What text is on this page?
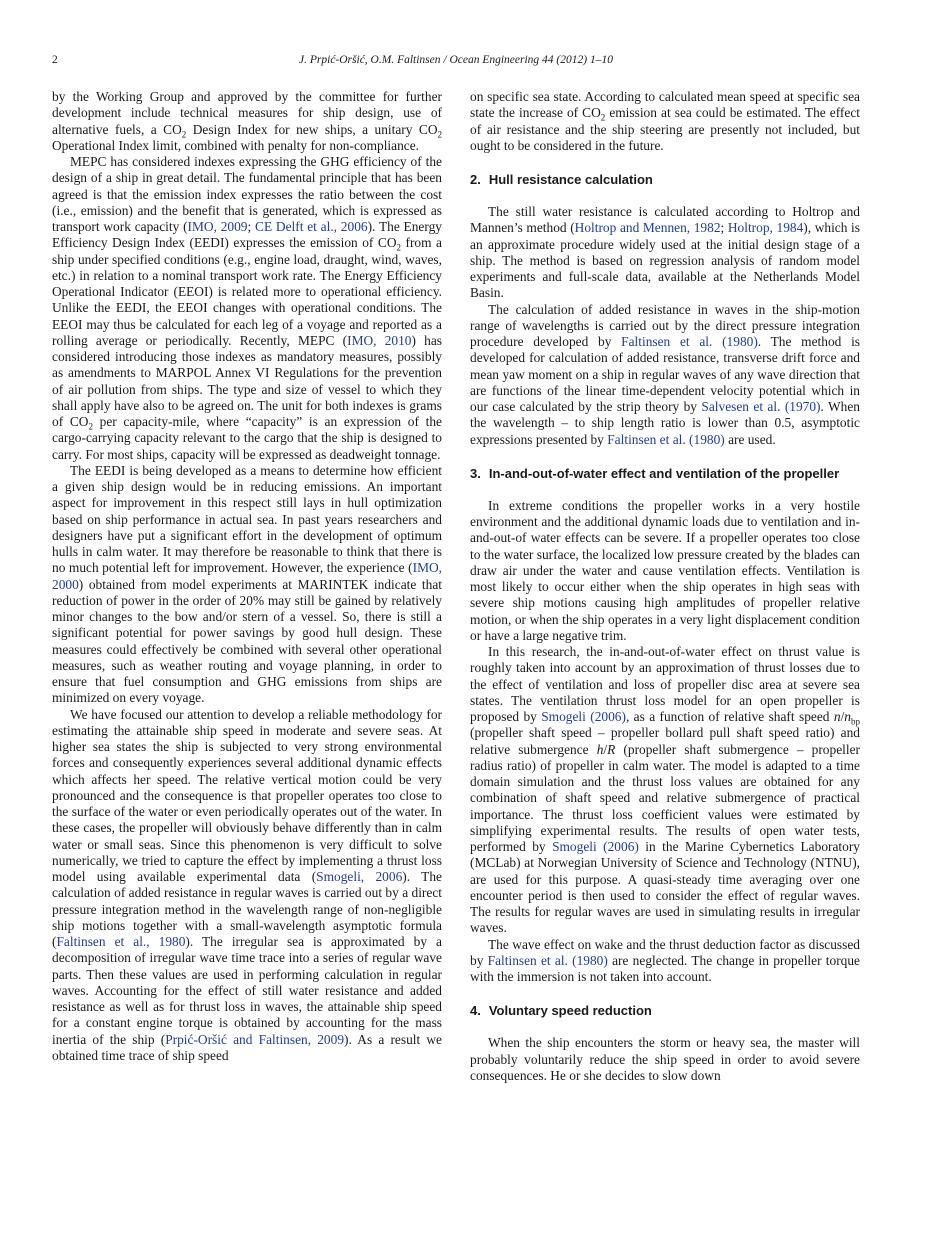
2	J. Prpić-Oršić, O.M. Faltinsen / Ocean Engineering 44 (2012) 1–10

by the Working Group and approved by the committee for further development include technical measures for ship design, use of alternative fuels, a $CO_2$ Design Index for new ships, a unitary $CO_2$ Operational Index limit, combined with penalty for non-compliance.

MEPC has considered indexes expressing the GHG efficiency of the design of a ship in great detail. The fundamental principle that has been agreed is that the emission index expresses the ratio between the cost (i.e., emission) and the benefit that is generated, which is expressed as transport work capacity (IMO, 2009; CE Delft et al., 2006). The Energy Efficiency Design Index (EEDI) expresses the emission of $CO_2$ from a ship under specified conditions (e.g., engine load, draught, wind, waves, etc.) in relation to a nominal transport work rate. The Energy Efficiency Operational Indicator (EEOI) is related more to operational efficiency. Unlike the EEDI, the EEOI changes with operational conditions. The EEOI may thus be calculated for each leg of a voyage and reported as a rolling average or periodically. Recently, MEPC (IMO, 2010) has considered introducing those indexes as mandatory measures, possibly as amendments to MARPOL Annex VI Regulations for the prevention of air pollution from ships. The type and size of vessel to which they shall apply have also to be agreed on. The unit for both indexes is grams of $CO_2$ per capacity-mile, where “capacity” is an expression of the cargo-carrying capacity relevant to the cargo that the ship is designed to carry. For most ships, capacity will be expressed as deadweight tonnage.

The EEDI is being developed as a means to determine how efficient a given ship design would be in reducing emissions. An important aspect for improvement in this respect still lays in hull optimization based on ship performance in actual sea. In past years researchers and designers have put a significant effort in the development of optimum hulls in calm water. It may therefore be reasonable to think that there is no much potential left for improvement. However, the experience (IMO, 2000) obtained from model experiments at MARINTEK indicate that reduction of power in the order of 20% may still be gained by relatively minor changes to the bow and/or stern of a vessel. So, there is still a significant potential for power savings by good hull design. These measures could effectively be combined with several other operational measures, such as weather routing and voyage planning, in order to ensure that fuel consumption and GHG emissions from ships are minimized on every voyage.

We have focused our attention to develop a reliable methodology for estimating the attainable ship speed in moderate and severe seas. At higher sea states the ship is subjected to very strong environmental forces and consequently experiences several additional dynamic effects which affects her speed. The relative vertical motion could be very pronounced and the consequence is that propeller operates too close to the surface of the water or even periodically operates out of the water. In these cases, the propeller will obviously behave differently than in calm water or small seas. Since this phenomenon is very difficult to solve numerically, we tried to capture the effect by implementing a thrust loss model using available experimental data (Smogeli, 2006). The calculation of added resistance in regular waves is carried out by a direct pressure integration method in the wavelength range of non-negligible ship motions together with a small-wavelength asymptotic formula (Faltinsen et al., 1980). The irregular sea is approximated by a decomposition of irregular wave time trace into a series of regular wave parts. Then these values are used in performing calculation in regular waves. Accounting for the effect of still water resistance and added resistance as well as for thrust loss in waves, the attainable ship speed for a constant engine torque is obtained by accounting for the mass inertia of the ship (Prpić-Oršić and Faltinsen, 2009). As a result we obtained time trace of ship speed

on specific sea state. According to calculated mean speed at specific sea state the increase of $CO_2$ emission at sea could be estimated. The effect of air resistance and the ship steering are presently not included, but ought to be considered in the future.

2. Hull resistance calculation

The still water resistance is calculated according to Holtrop and Mannen’s method (Holtrop and Mennen, 1982; Holtrop, 1984), which is an approximate procedure widely used at the initial design stage of a ship. The method is based on regression analysis of random model experiments and full-scale data, available at the Netherlands Model Basin.

The calculation of added resistance in waves in the ship-motion range of wavelengths is carried out by the direct pressure integration procedure developed by Faltinsen et al. (1980). The method is developed for calculation of added resistance, transverse drift force and mean yaw moment on a ship in regular waves of any wave direction that are functions of the linear time-dependent velocity potential which in our case calculated by the strip theory by Salvesen et al. (1970). When the wavelength – to ship length ratio is lower than 0.5, asymptotic expressions presented by Faltinsen et al. (1980) are used.

3. In-and-out-of-water effect and ventilation of the propeller

In extreme conditions the propeller works in a very hostile environment and the additional dynamic loads due to ventilation and in-and-out-of water effects can be severe. If a propeller operates too close to the water surface, the localized low pressure created by the blades can draw air under the water and cause ventilation effects. Ventilation is most likely to occur either when the ship operates in high seas with severe ship motions causing high amplitudes of propeller relative motion, or when the ship operates in a very light displacement condition or have a large negative trim.

In this research, the in-and-out-of-water effect on thrust value is roughly taken into account by an approximation of thrust losses due to the effect of ventilation and loss of propeller disc area at severe sea states. The ventilation thrust loss model for an open propeller is proposed by Smogeli (2006), as a function of relative shaft speed $n/n_{bp}$ (propeller shaft speed – propeller bollard pull shaft speed ratio) and relative submergence h/R (propeller shaft submergence – propeller radius ratio) of propeller in calm water. The model is adapted to a time domain simulation and the thrust loss values are obtained for any combination of shaft speed and relative submergence of practical importance. The thrust loss coefficient values were estimated by simplifying experimental results. The results of open water tests, performed by Smogeli (2006) in the Marine Cybernetics Laboratory (MCLab) at Norwegian University of Science and Technology (NTNU), are used for this purpose. A quasi-steady time averaging over one encounter period is then used to consider the effect of regular waves. The results for regular waves are used in simulating results in irregular waves.

The wave effect on wake and the thrust deduction factor as discussed by Faltinsen et al. (1980) are neglected. The change in propeller torque with the immersion is not taken into account.

4. Voluntary speed reduction

When the ship encounters the storm or heavy sea, the master will probably voluntarily reduce the ship speed in order to avoid severe consequences. He or she decides to slow down
